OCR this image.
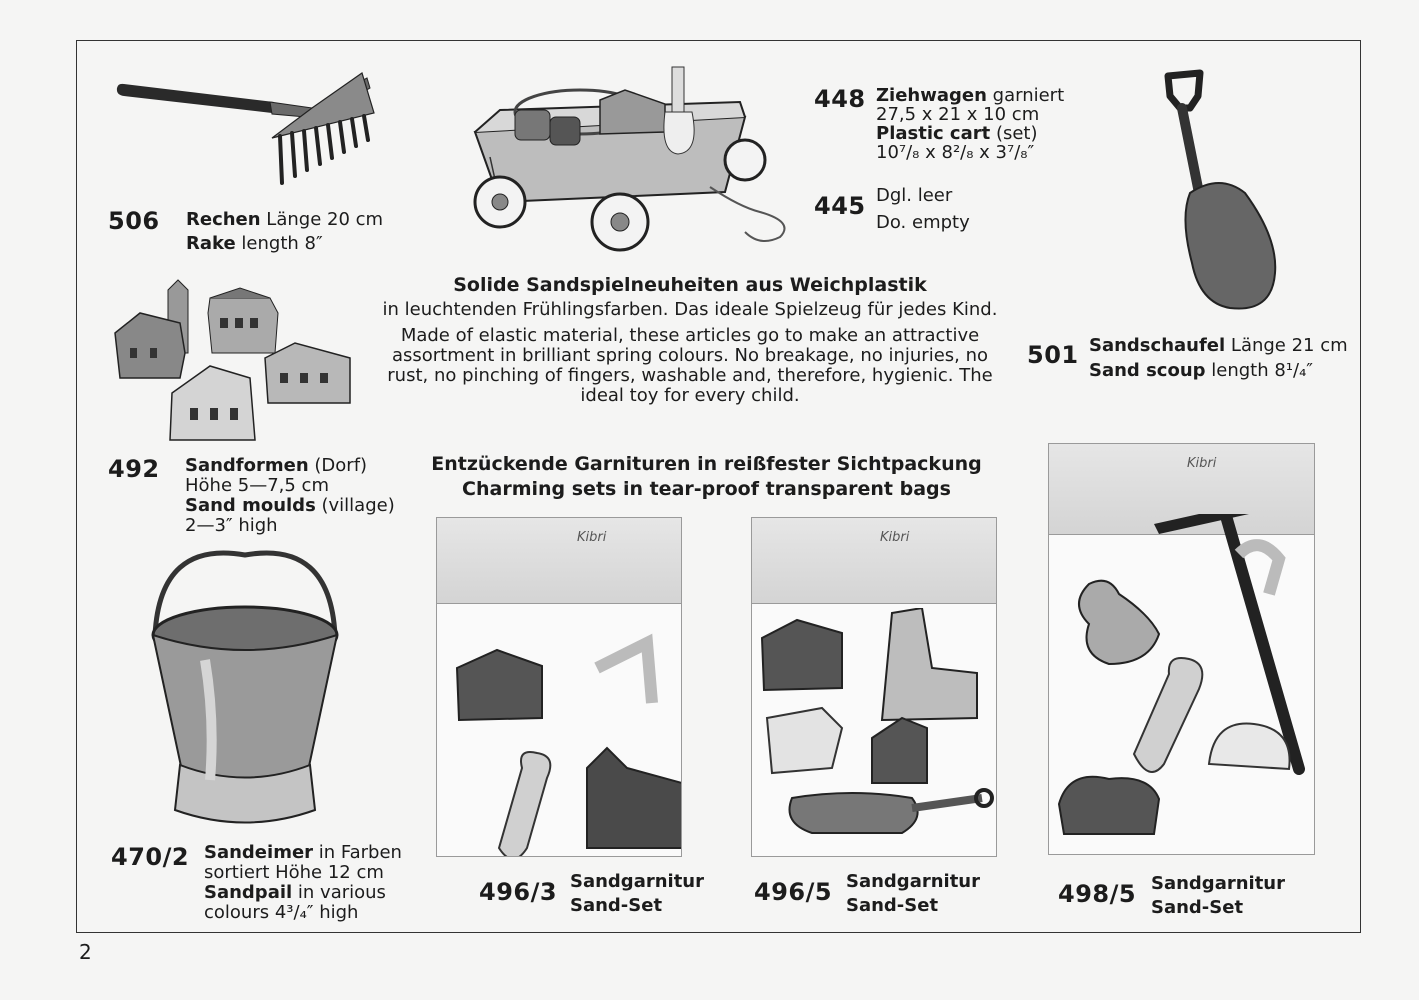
506 Rechen Länge 20 cm
Rake length 8″
448 Ziehwagen garniert
27,5 x 21 x 10 cm
Plastic cart (set)
10⁷/₈ x 8²/₈ x 3⁷/₈″
445 Dgl. leer
Do. empty
501 Sandschaufel Länge 21 cm
Sand scoup length 8¹/₄″
492 Sandformen (Dorf)
Höhe 5—7,5 cm
Sand moulds (village)
2—3″ high
Solide Sandspielneuheiten aus Weichplastik
in leuchtenden Frühlingsfarben. Das ideale Spielzeug für jedes Kind.
Made of elastic material, these articles go to make an attractive assortment in brilliant spring colours. No breakage, no injuries, no rust, no pinching of fingers, washable and, therefore, hygienic. The ideal toy for every child.
Entzückende Garnituren in reißfester Sichtpackung
Charming sets in tear-proof transparent bags
470/2 Sandeimer in Farben
sortiert Höhe 12 cm
Sandpail in various
colours 4³/₄″ high
Kibri
496/3 Sandgarnitur
Sand-Set
Kibri
496/5 Sandgarnitur
Sand-Set
Kibri
498/5 Sandgarnitur
Sand-Set
2
